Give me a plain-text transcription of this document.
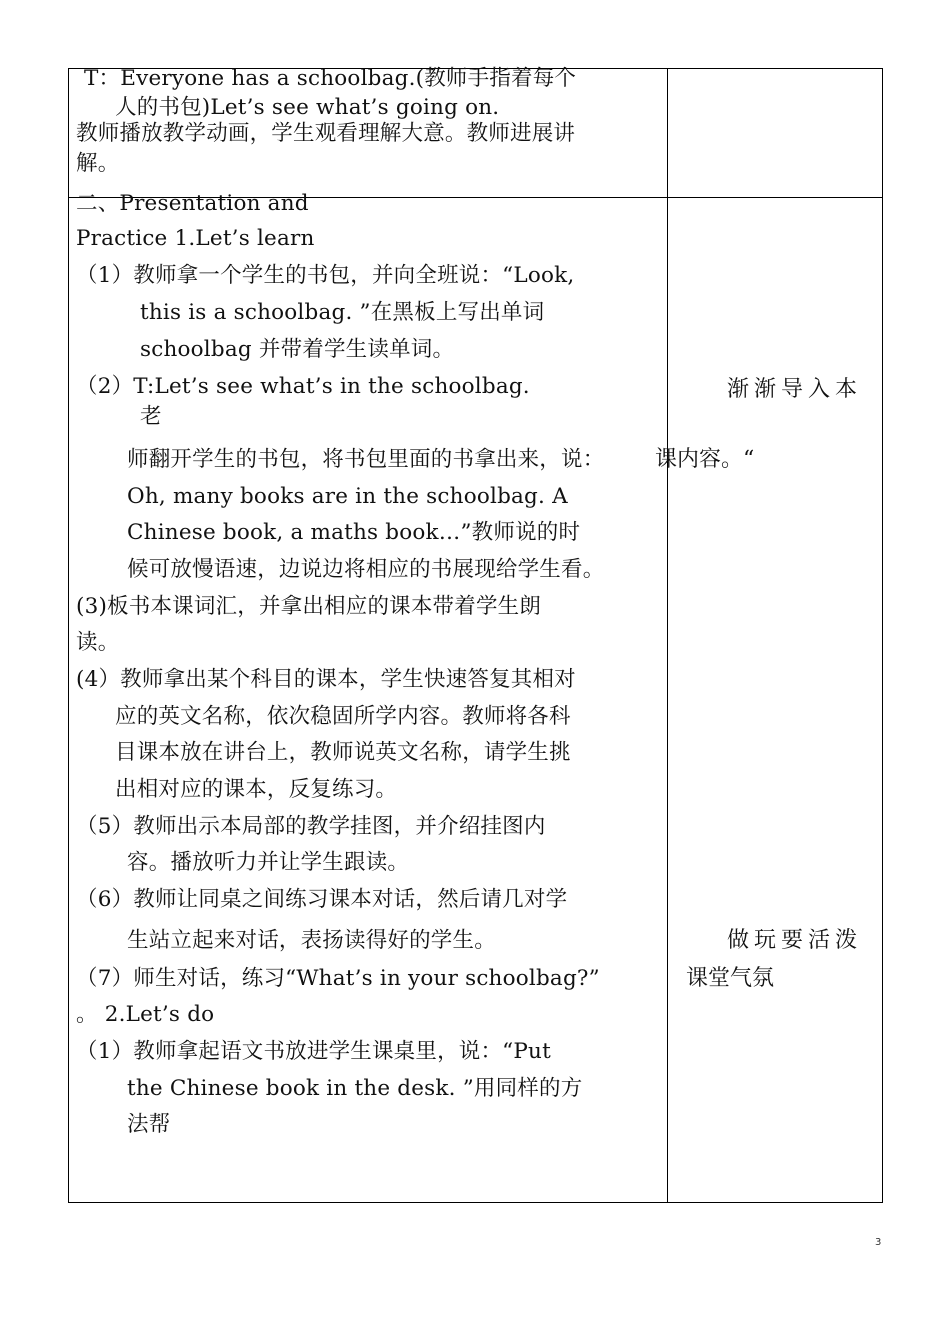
T：Everyone has a schoolbag.(教师手指着每个
人的书包)Let’s see what’s going on.
教师播放教学动画，学生观看理解大意。教师进展讲
解。
二、Presentation and
Practice 1.Let’s learn
（1）教师拿一个学生的书包，并向全班说：“Look,
this is a schoolbag. ”在黑板上写出单词
schoolbag 并带着学生读单词。
（2）T:Let’s see what’s in the schoolbag.
老
师翻开学生的书包，将书包里面的书拿出来，说：
Oh, many books are in the schoolbag. A
Chinese book, a maths book…”教师说的时
候可放慢语速，边说边将相应的书展现给学生看。
(3)板书本课词汇，并拿出相应的课本带着学生朗
读。
(4）教师拿出某个科目的课本，学生快速答复其相对
应的英文名称，依次稳固所学内容。教师将各科
目课本放在讲台上，教师说英文名称，请学生挑
出相对应的课本，反复练习。
（5）教师出示本局部的教学挂图，并介绍挂图内
容。播放听力并让学生跟读。
（6）教师让同桌之间练习课本对话，然后请几对学
生站立起来对话，表扬读得好的学生。
（7）师生对话，练习“What’s in your schoolbag?”
。 2.Let’s do
（1）教师拿起语文书放进学生课桌里，说：“Put
the Chinese book in the desk. ”用同样的方
法帮
渐渐导入本
课内容。“
做玩要活泼
课堂气氛
3
